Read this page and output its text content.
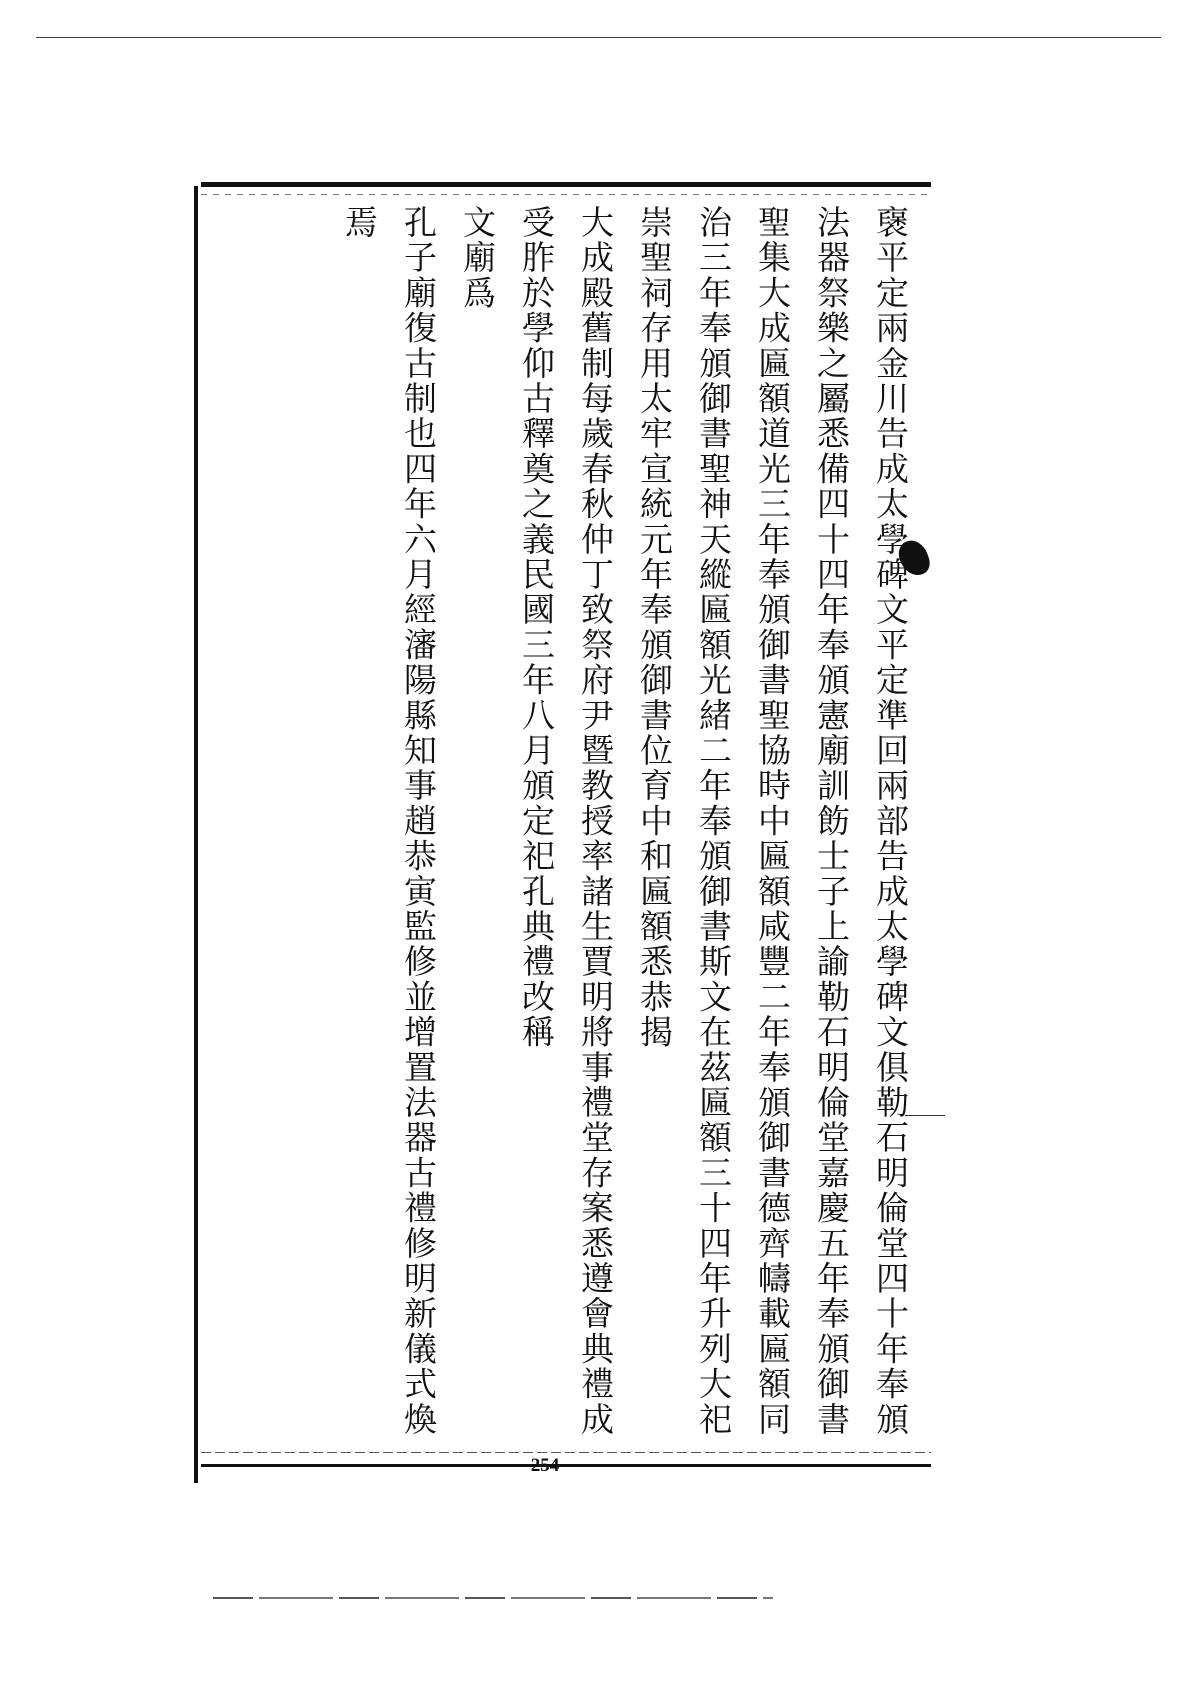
襃平定兩金川告成太學碑文平定準回兩部告成太學碑文俱勒石明倫堂四十年奉頒
法器祭樂之屬悉備四十四年奉頒憲廟訓飭士子上諭勒石明倫堂嘉慶五年奉頒御書
聖集大成匾額道光三年奉頒御書聖協時中匾額咸豐二年奉頒御書德齊幬載匾額同
治三年奉頒御書聖神天縱匾額光緒二年奉頒御書斯文在茲匾額三十四年升列大祀
崇聖祠存用太牢宣統元年奉頒御書位育中和匾額悉恭揭
大成殿舊制每歲春秋仲丁致祭府尹暨教授率諸生賈明將事禮堂存案悉遵會典禮成
受胙於學仰古釋奠之義民國三年八月頒定祀孔典禮改稱
文廟爲
孔子廟復古制也四年六月經瀋陽縣知事趙恭寅監修並增置法器古禮修明新儀式煥
焉
254
